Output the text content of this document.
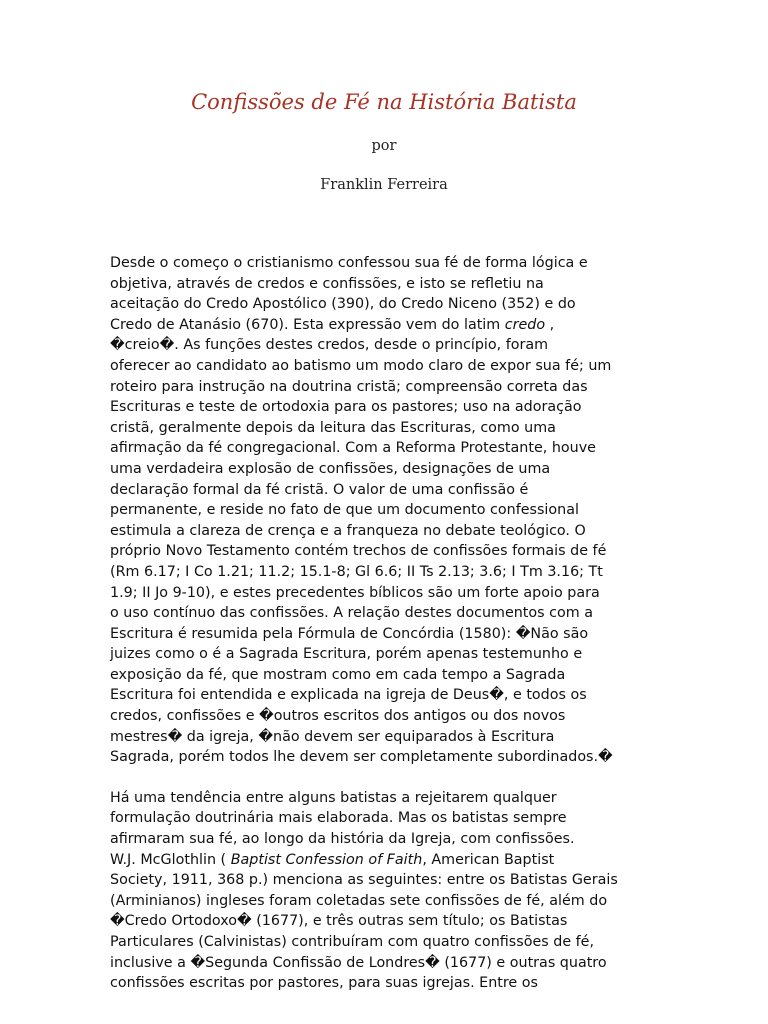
Confissões de Fé na História Batista
por
Franklin Ferreira

Desde o começo o cristianismo confessou sua fé de forma lógica e
objetiva, através de credos e confissões, e isto se refletiu na
aceitação do Credo Apostólico (390), do Credo Niceno (352) e do
Credo de Atanásio (670). Esta expressão vem do latim credo ,
�creio�. As funções destes credos, desde o princípio, foram
oferecer ao candidato ao batismo um modo claro de expor sua fé; um
roteiro para instrução na doutrina cristã; compreensão correta das
Escrituras e teste de ortodoxia para os pastores; uso na adoração
cristã, geralmente depois da leitura das Escrituras, como uma
afirmação da fé congregacional. Com a Reforma Protestante, houve
uma verdadeira explosão de confissões, designações de uma
declaração formal da fé cristã. O valor de uma confissão é
permanente, e reside no fato de que um documento confessional
estimula a clareza de crença e a franqueza no debate teológico. O
próprio Novo Testamento contém trechos de confissões formais de fé
(Rm 6.17; I Co 1.21; 11.2; 15.1-8; Gl 6.6; II Ts 2.13; 3.6; I Tm 3.16; Tt
1.9; II Jo 9-10), e estes precedentes bíblicos são um forte apoio para
o uso contínuo das confissões. A relação destes documentos com a
Escritura é resumida pela Fórmula de Concórdia (1580): �Não são
juizes como o é a Sagrada Escritura, porém apenas testemunho e
exposição da fé, que mostram como em cada tempo a Sagrada
Escritura foi entendida e explicada na igreja de Deus�, e todos os
credos, confissões e �outros escritos dos antigos ou dos novos
mestres� da igreja, �não devem ser equiparados à Escritura
Sagrada, porém todos lhe devem ser completamente subordinados.�

Há uma tendência entre alguns batistas a rejeitarem qualquer
formulação doutrinária mais elaborada. Mas os batistas sempre
afirmaram sua fé, ao longo da história da Igreja, com confissões.
W.J. McGlothlin ( Baptist Confession of Faith, American Baptist
Society, 1911, 368 p.) menciona as seguintes: entre os Batistas Gerais
(Arminianos) ingleses foram coletadas sete confissões de fé, além do
�Credo Ortodoxo� (1677), e três outras sem título; os Batistas
Particulares (Calvinistas) contribuíram com quatro confissões de fé,
inclusive a �Segunda Confissão de Londres� (1677) e outras quatro
confissões escritas por pastores, para suas igrejas. Entre os
